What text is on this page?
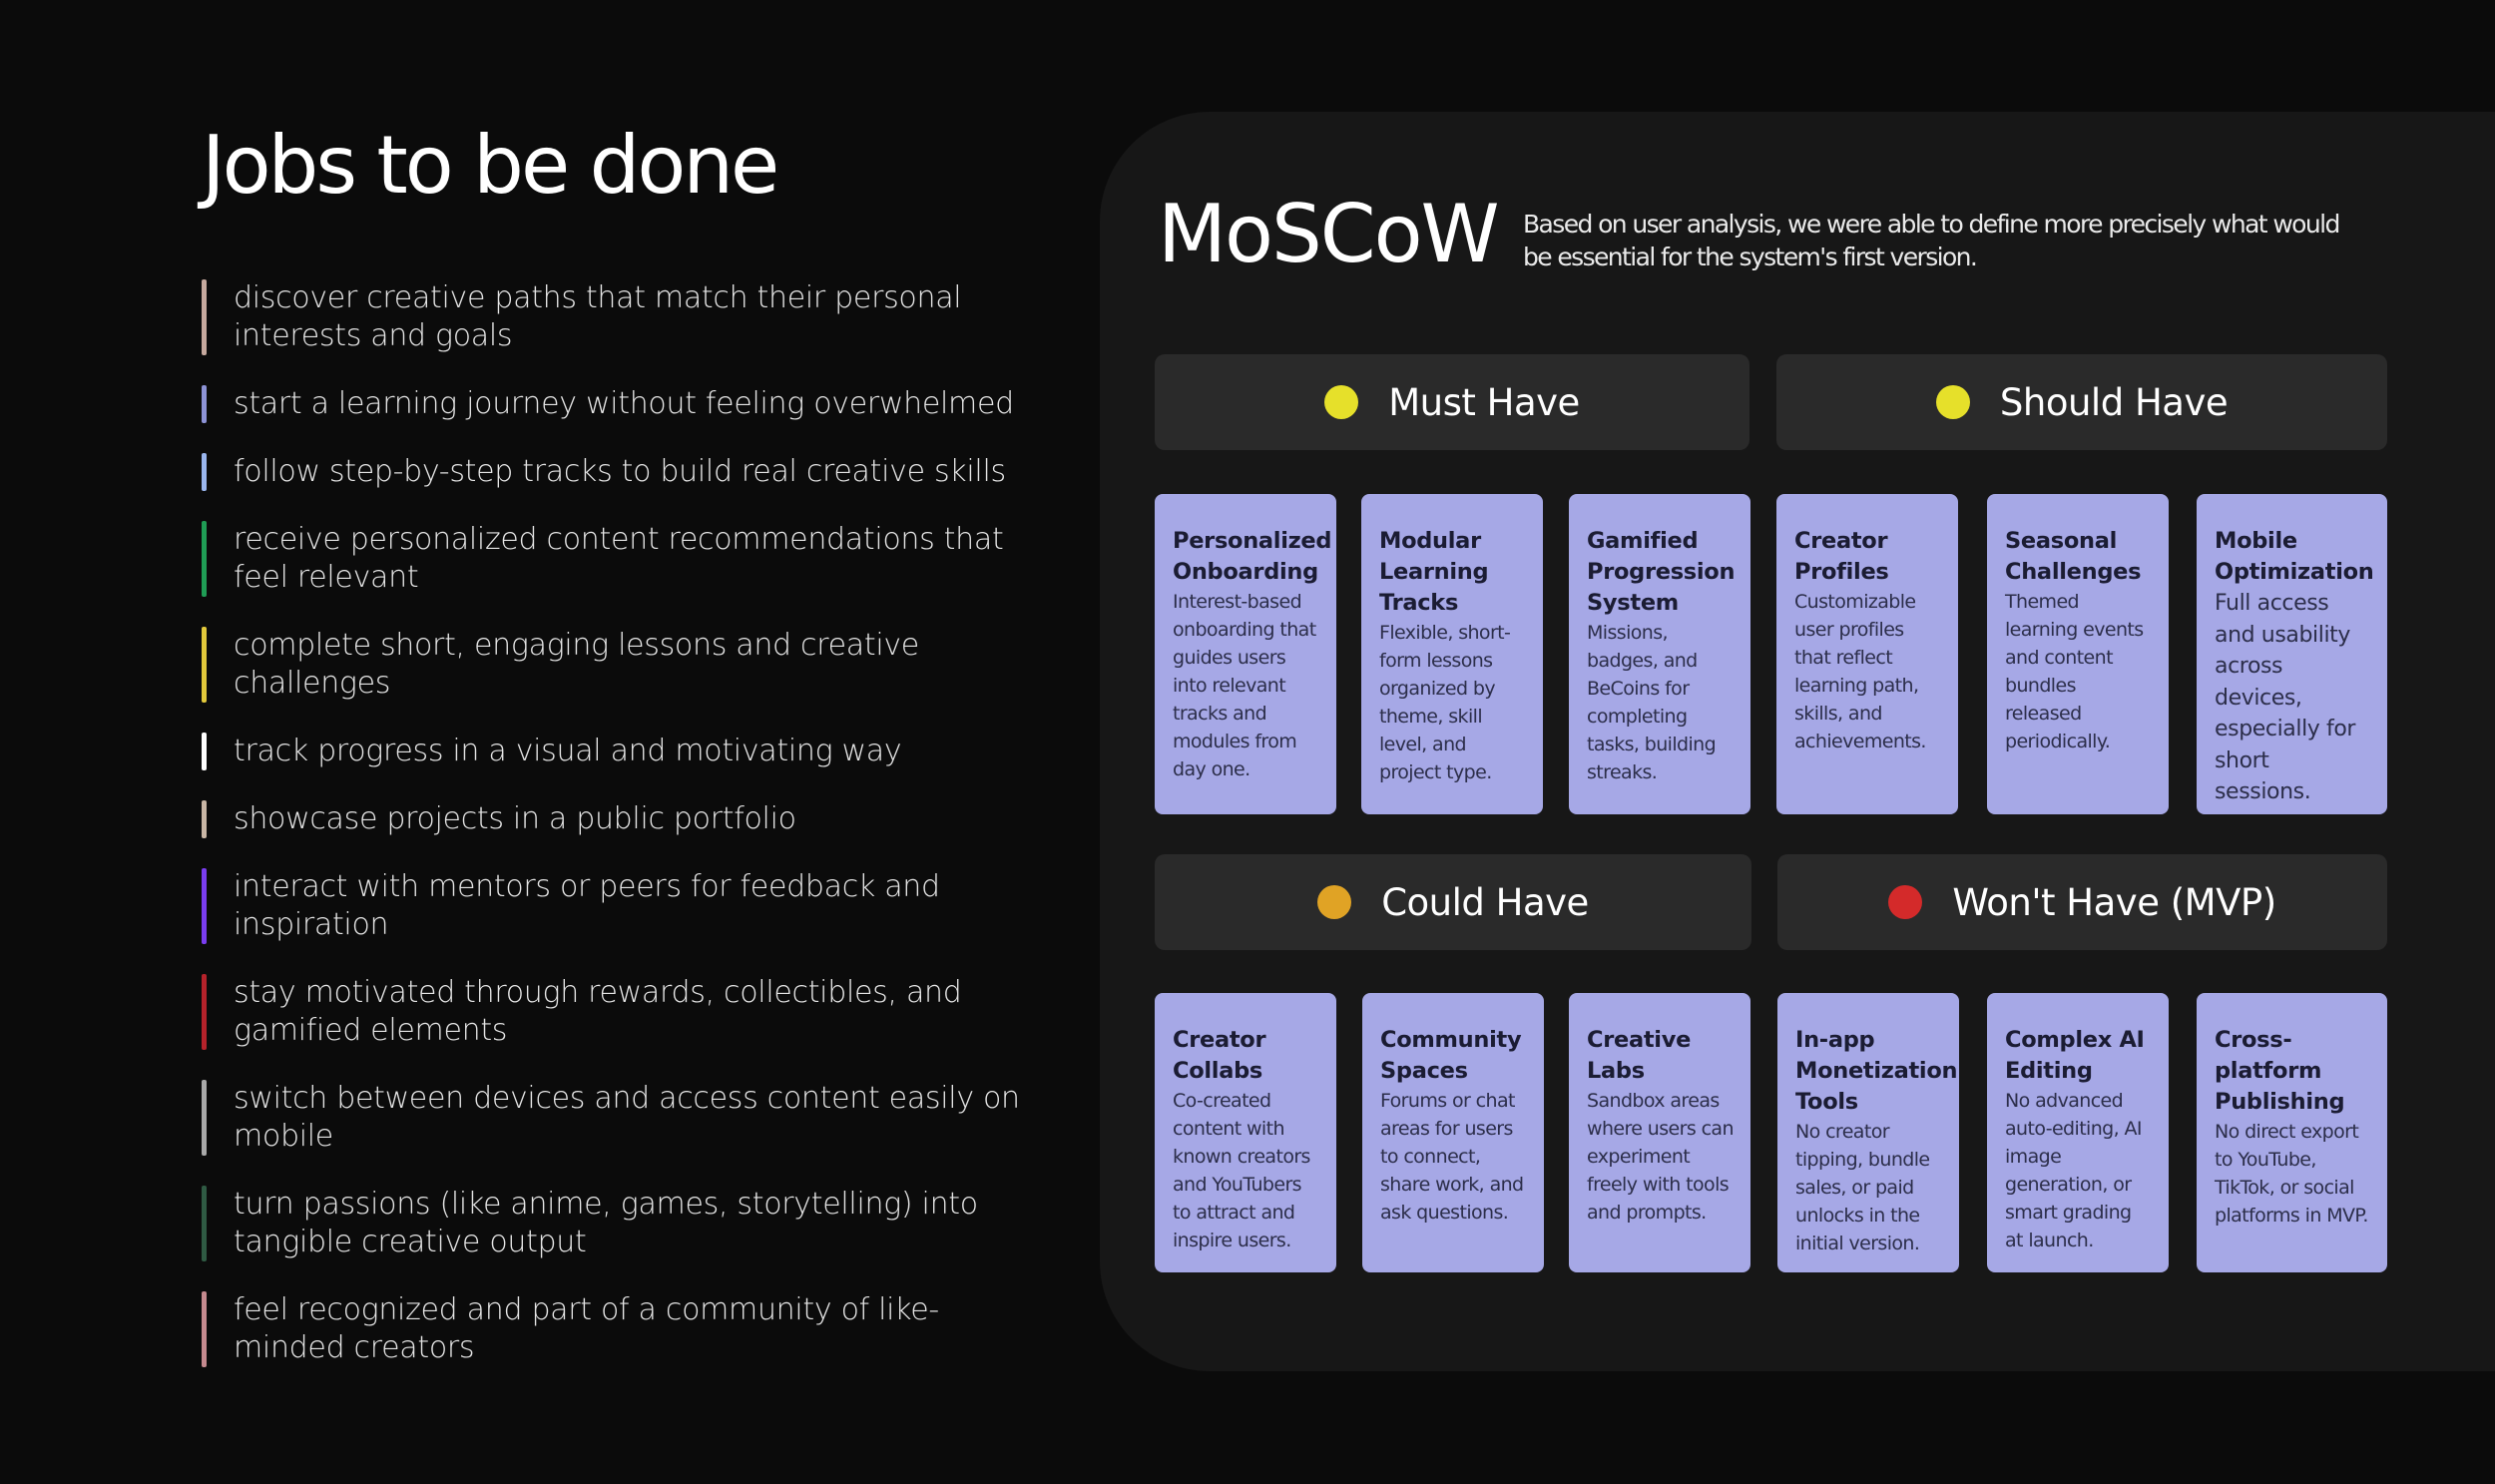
Jobs to be done
discover creative paths that match their personal interests and goals
start a learning journey without feeling overwhelmed
follow step-by-step tracks to build real creative skills
receive personalized content recommendations that feel relevant
complete short, engaging lessons and creative challenges
track progress in a visual and motivating way
showcase projects in a public portfolio
interact with mentors or peers for feedback and inspiration
stay motivated through rewards, collectibles, and gamified elements
switch between devices and access content easily on mobile
turn passions (like anime, games, storytelling) into tangible creative output
feel recognized and part of a community of like-minded creators
MoSCoW Based on user analysis, we were able to define more precisely what would be essential for the system's first version.

Must Have	Should Have
Could Have	Won't Have (MVP)
Personalized Onboarding
Interest-based onboarding that guides users into relevant tracks and modules from day one.
Modular Learning Tracks
Flexible, short-form lessons organized by theme, skill level, and project type.
Gamified Progression System
Missions, badges, and BeCoins for completing tasks, building streaks.
Creator Profiles
Customizable user profiles that reflect learning path, skills, and achievements.
Seasonal Challenges
Themed learning events and content bundles released periodically.
Mobile Optimization
Full access and usability across devices, especially for short sessions.
Creator Collabs
Co-created content with known creators and YouTubers to attract and inspire users.
Community Spaces
Forums or chat areas for users to connect, share work, and ask questions.
Creative Labs
Sandbox areas where users can experiment freely with tools and prompts.
In-app Monetization Tools
No creator tipping, bundle sales, or paid unlocks in the initial version.
Complex AI Editing
No advanced auto-editing, AI image generation, or smart grading at launch.
Cross-platform Publishing
No direct export to YouTube, TikTok, or social platforms in MVP.
